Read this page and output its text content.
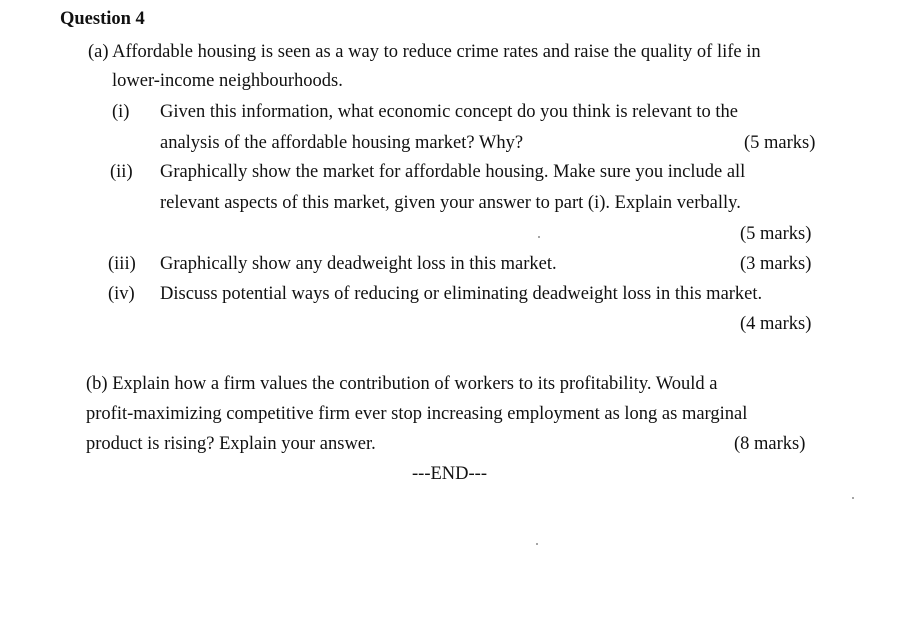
Question 4
(a) Affordable housing is seen as a way to reduce crime rates and raise the quality of life in
lower-income neighbourhoods.
(i) Given this information, what economic concept do you think is relevant to the
analysis of the affordable housing market? Why?	(5 marks)
(ii) Graphically show the market for affordable housing. Make sure you include all
relevant aspects of this market, given your answer to part (i). Explain verbally.
(5 marks)
(iii) Graphically show any deadweight loss in this market.	(3 marks)
(iv) Discuss potential ways of reducing or eliminating deadweight loss in this market.
(4 marks)
(b) Explain how a firm values the contribution of workers to its profitability. Would a
profit-maximizing competitive firm ever stop increasing employment as long as marginal
product is rising? Explain your answer.	(8 marks)
---END---
